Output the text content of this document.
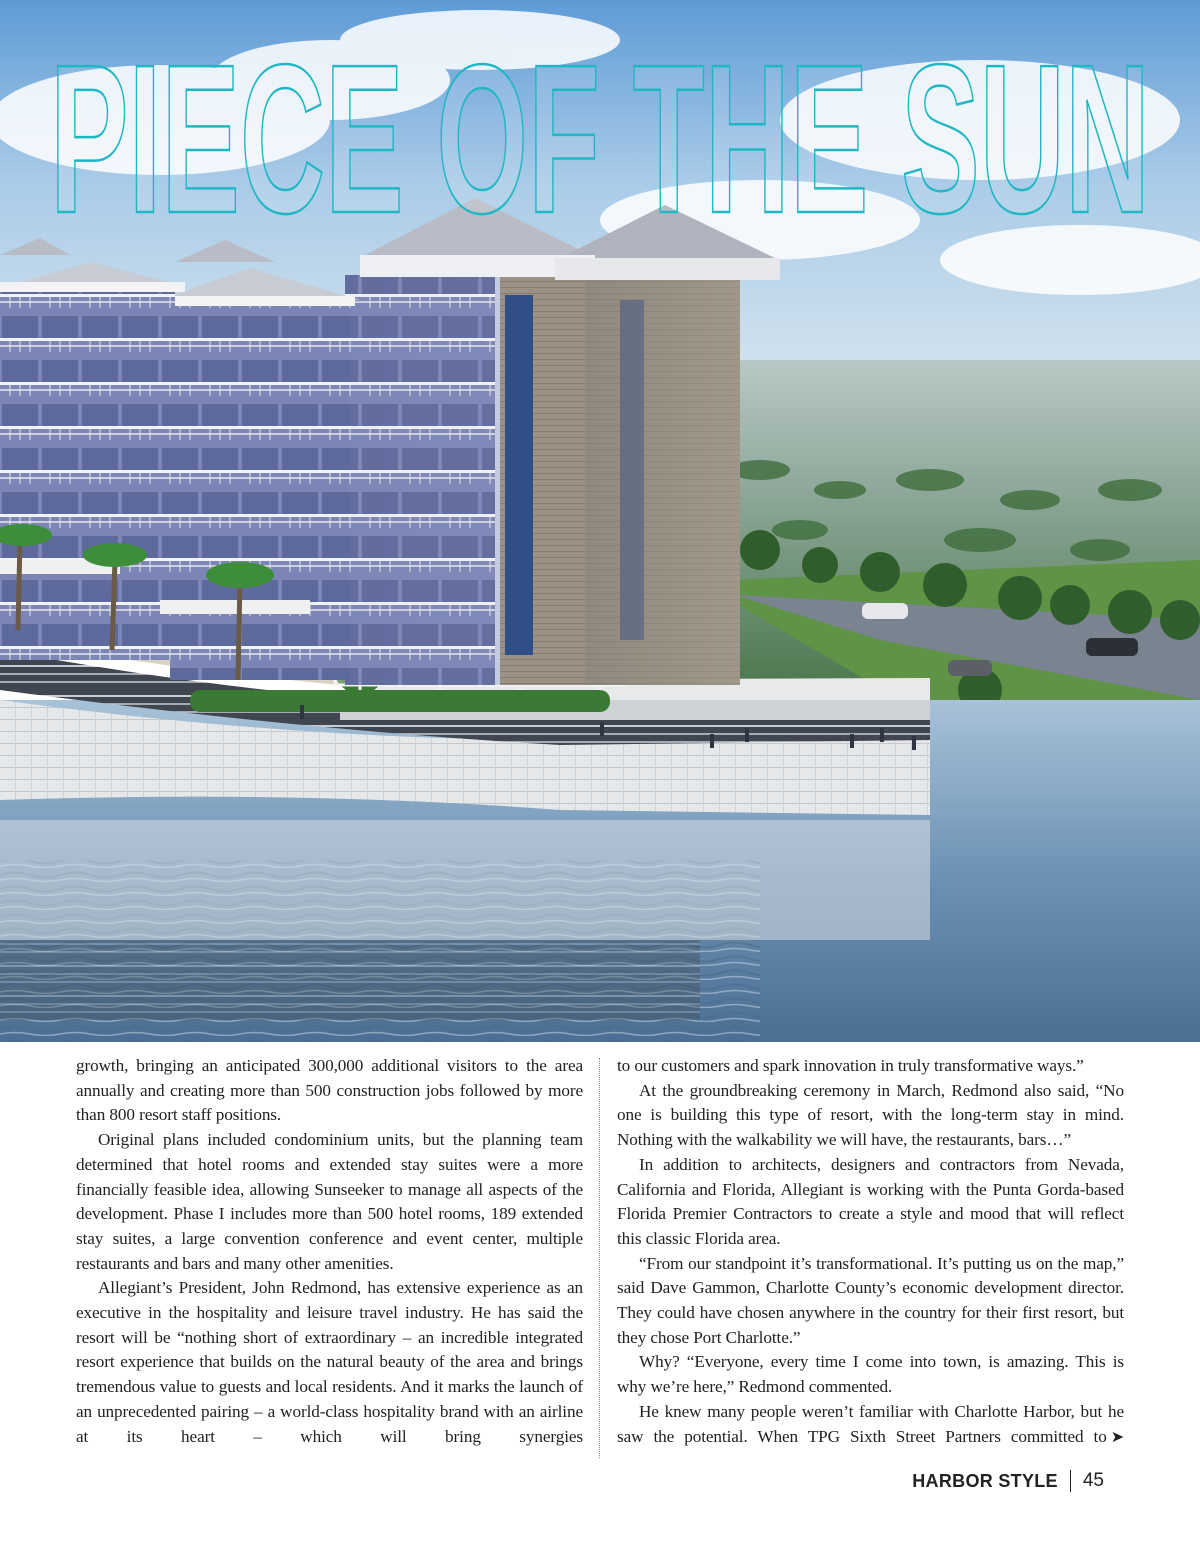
PIECE OF THE SUN

growth, bringing an anticipated 300,000 additional visitors to the area annually and creating more than 500 construction jobs followed by more than 800 resort staff positions.

Original plans included condominium units, but the planning team determined that hotel rooms and extended stay suites were a more financially feasible idea, allowing Sunseeker to manage all aspects of the development. Phase I includes more than 500 hotel rooms, 189 extended stay suites, a large convention conference and event center, multiple restaurants and bars and many other amenities.

Allegiant’s President, John Redmond, has extensive experience as an executive in the hospitality and leisure travel industry. He has said the resort will be “nothing short of extraordinary – an incredible integrated resort experience that builds on the natural beauty of the area and brings tremendous value to guests and local residents. And it marks the launch of an unprecedented pairing – a world-class hospitality brand with an airline at its heart – which will bring synergies

to our customers and spark innovation in truly transformative ways.”

At the groundbreaking ceremony in March, Redmond also said, “No one is building this type of resort, with the long-term stay in mind. Nothing with the walkability we will have, the restaurants, bars…”

In addition to architects, designers and contractors from Nevada, California and Florida, Allegiant is working with the Punta Gorda-based Florida Premier Contractors to create a style and mood that will reflect this classic Florida area.

“From our standpoint it’s transformational. It’s putting us on the map,” said Dave Gammon, Charlotte County’s economic development director. They could have chosen anywhere in the country for their first resort, but they chose Port Charlotte.”

Why? “Everyone, every time I come into town, is amazing. This is why we’re here,” Redmond commented.

He knew many people weren’t familiar with Charlotte Harbor, but he saw the potential. When TPG Sixth Street Partners committed to ➤

HARBOR STYLE 45
